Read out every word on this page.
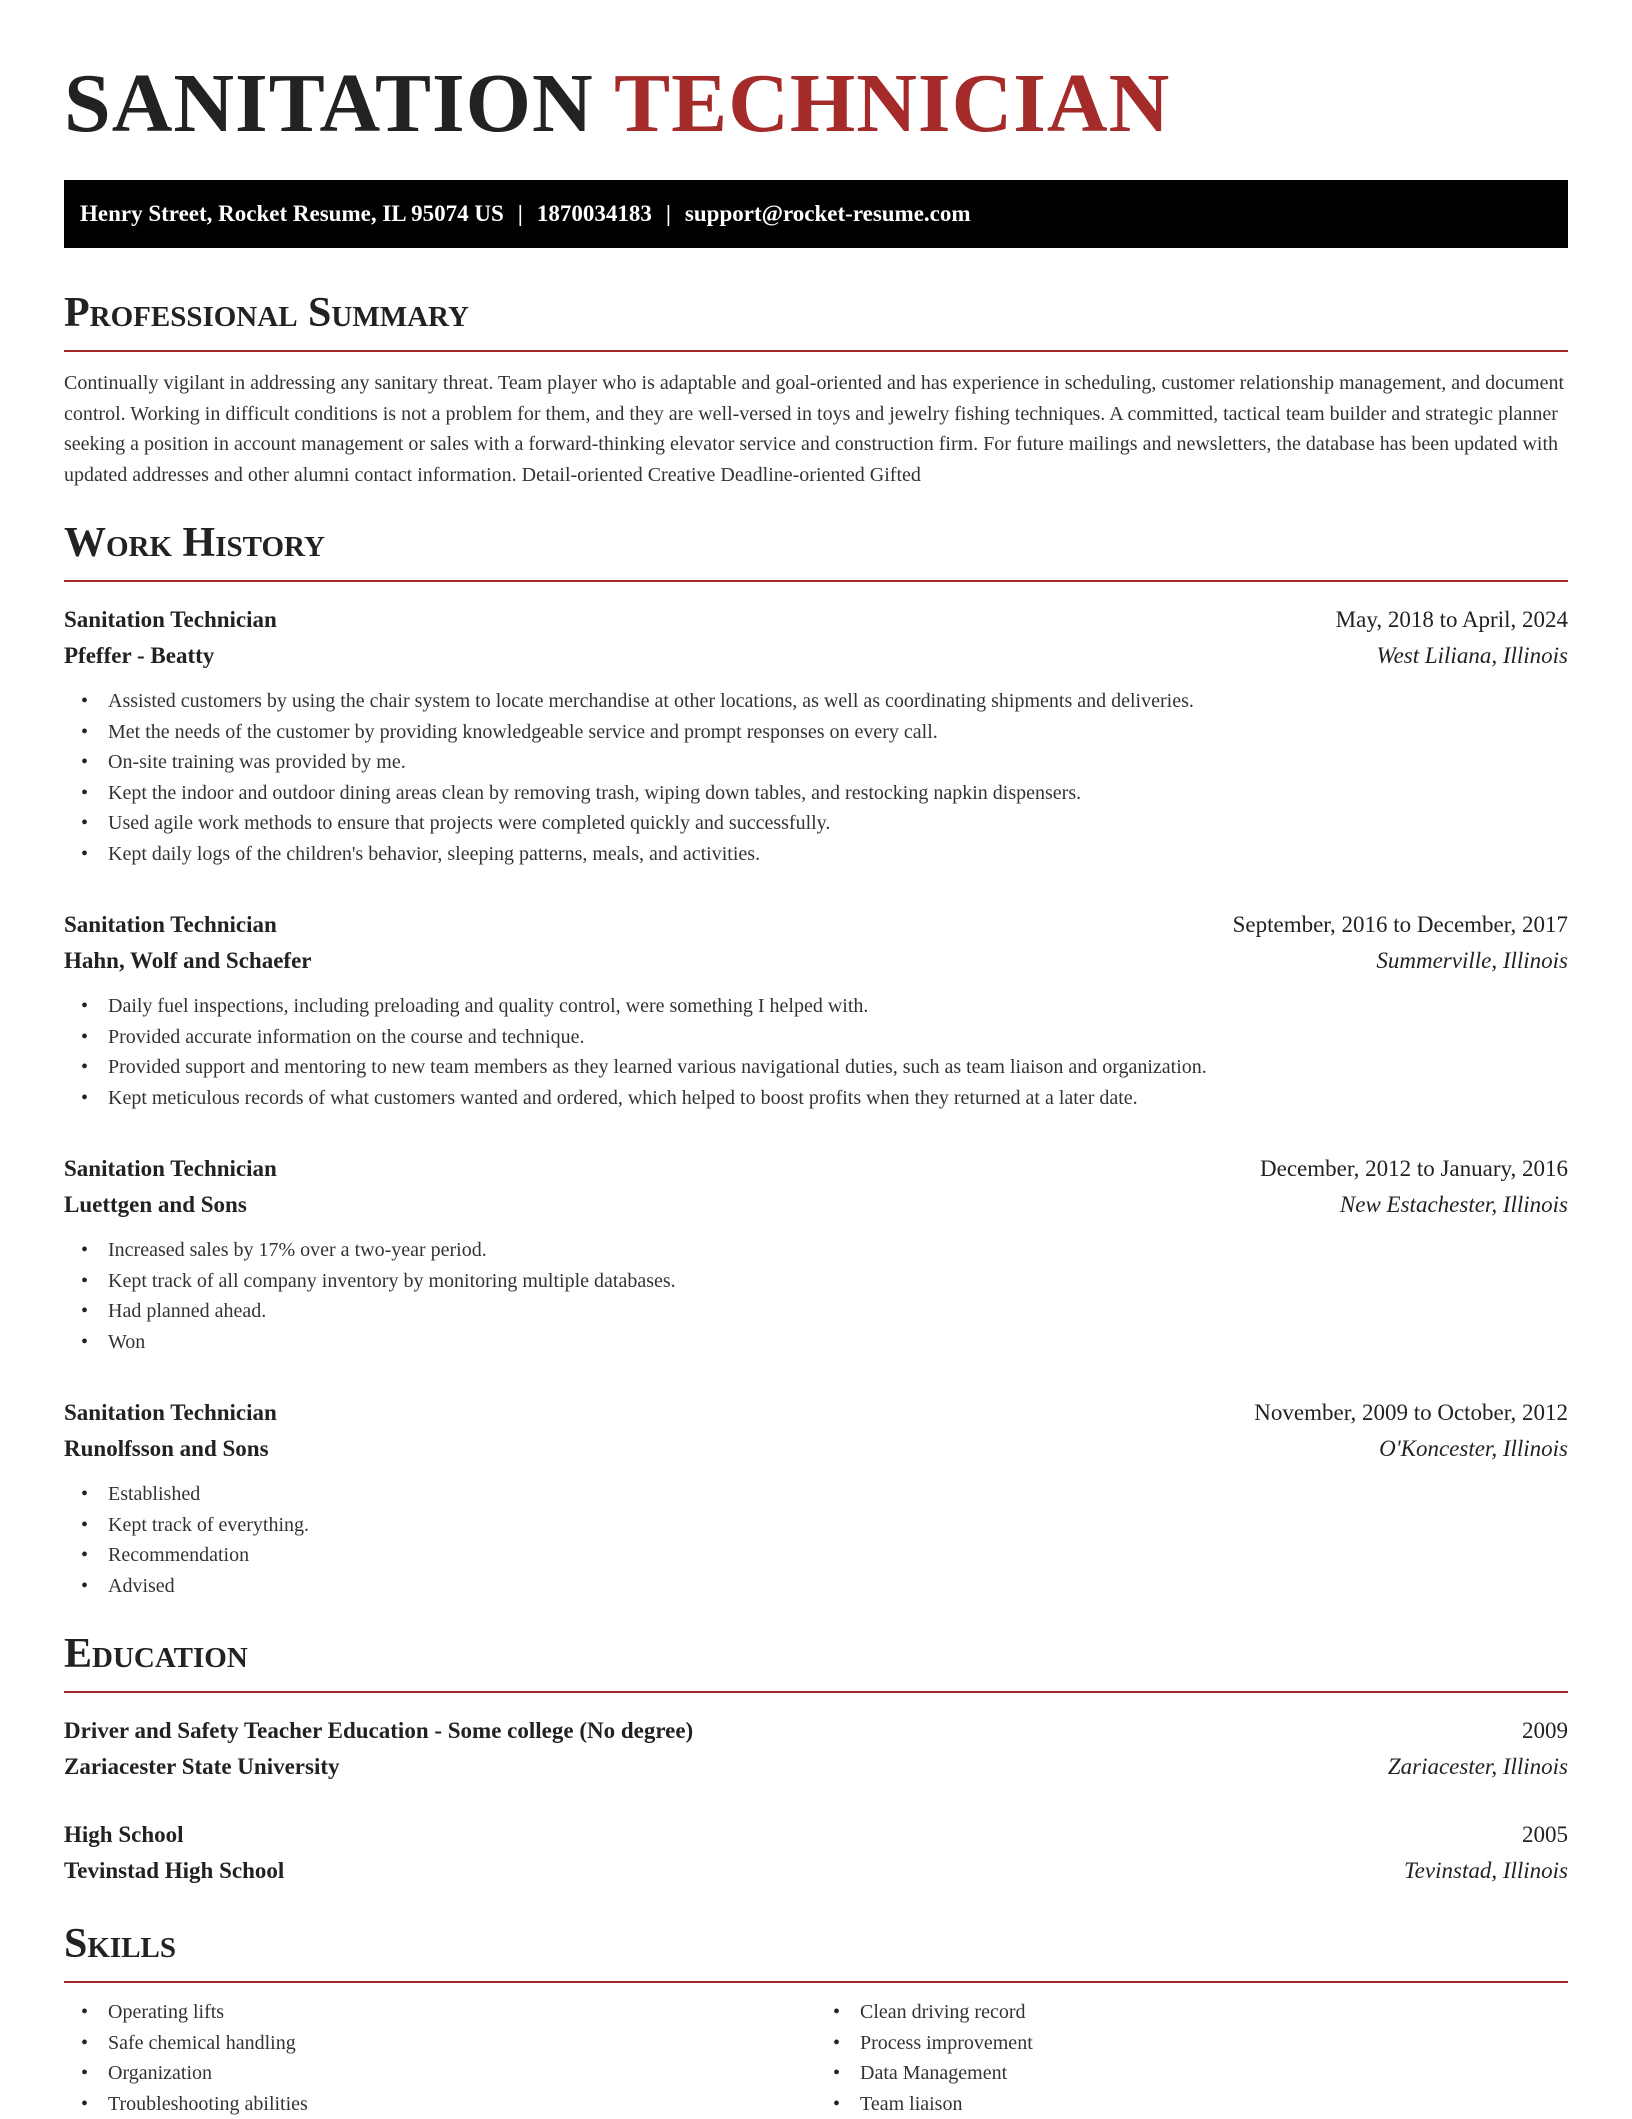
SANITATION TECHNICIAN
Henry Street, Rocket Resume, IL 95074 US | 1870034183 | support@rocket-resume.com
Professional Summary

Continually vigilant in addressing any sanitary threat. Team player who is adaptable and goal-oriented and has experience in scheduling, customer relationship management, and document control. Working in difficult conditions is not a problem for them, and they are well-versed in toys and jewelry fishing techniques. A committed, tactical team builder and strategic planner seeking a position in account management or sales with a forward-thinking elevator service and construction firm. For future mailings and newsletters, the database has been updated with updated addresses and other alumni contact information. Detail-oriented Creative Deadline-oriented Gifted

Work History
Sanitation Technician	May, 2018 to April, 2024
Pfeffer - Beatty	West Liliana, Illinois
• Assisted customers by using the chair system to locate merchandise at other locations, as well as coordinating shipments and deliveries.
• Met the needs of the customer by providing knowledgeable service and prompt responses on every call.
• On-site training was provided by me.
• Kept the indoor and outdoor dining areas clean by removing trash, wiping down tables, and restocking napkin dispensers.
• Used agile work methods to ensure that projects were completed quickly and successfully.
• Kept daily logs of the children's behavior, sleeping patterns, meals, and activities.
Sanitation Technician	September, 2016 to December, 2017
Hahn, Wolf and Schaefer	Summerville, Illinois
• Daily fuel inspections, including preloading and quality control, were something I helped with.
• Provided accurate information on the course and technique.
• Provided support and mentoring to new team members as they learned various navigational duties, such as team liaison and organization.
• Kept meticulous records of what customers wanted and ordered, which helped to boost profits when they returned at a later date.
Sanitation Technician	December, 2012 to January, 2016
Luettgen and Sons	New Estachester, Illinois
• Increased sales by 17% over a two-year period.
• Kept track of all company inventory by monitoring multiple databases.
• Had planned ahead.
• Won
Sanitation Technician	November, 2009 to October, 2012
Runolfsson and Sons	O'Koncester, Illinois
• Established
• Kept track of everything.
• Recommendation
• Advised
Education
Driver and Safety Teacher Education - Some college (No degree)	2009
Zariacester State University	Zariacester, Illinois
High School	2005
Tevinstad High School	Tevinstad, Illinois
Skills
• Operating lifts
• Safe chemical handling
• Organization
• Troubleshooting abilities
• Clean driving record
• Process improvement
• Data Management
• Team liaison
